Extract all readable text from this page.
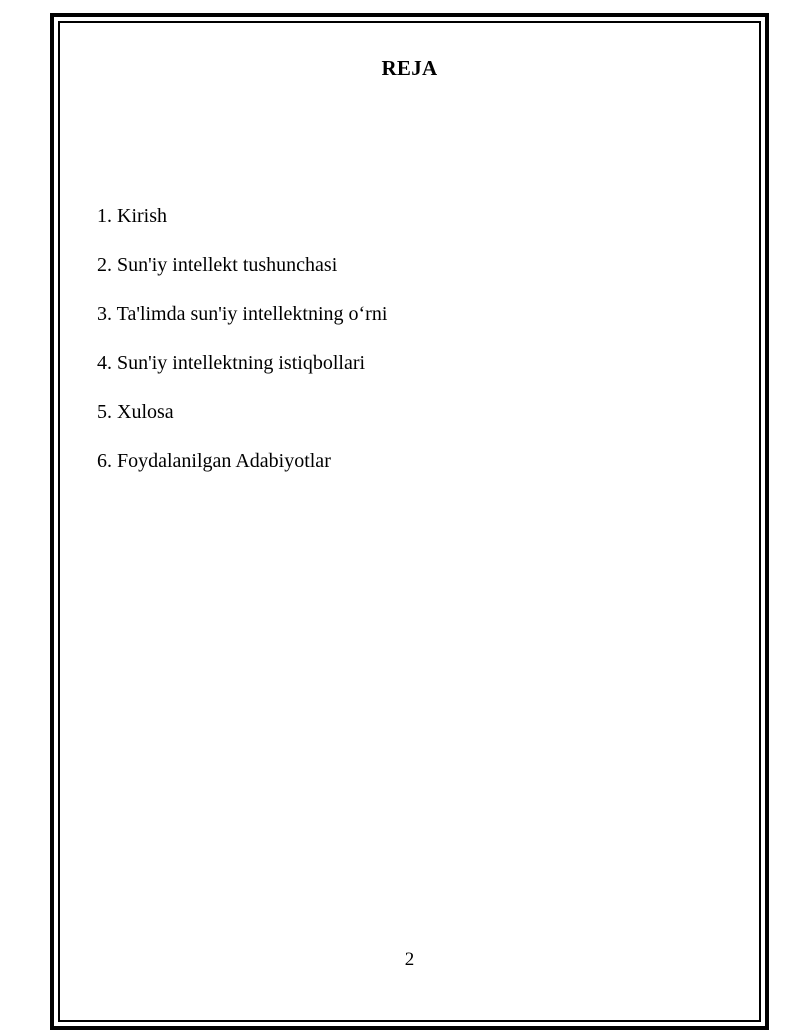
REJA
1. Kirish
2. Sun'iy intellekt tushunchasi
3. Ta'limda sun'iy intellektning o‘rni
4. Sun'iy intellektning istiqbollari
5. Xulosa
6. Foydalanilgan Adabiyotlar
2
